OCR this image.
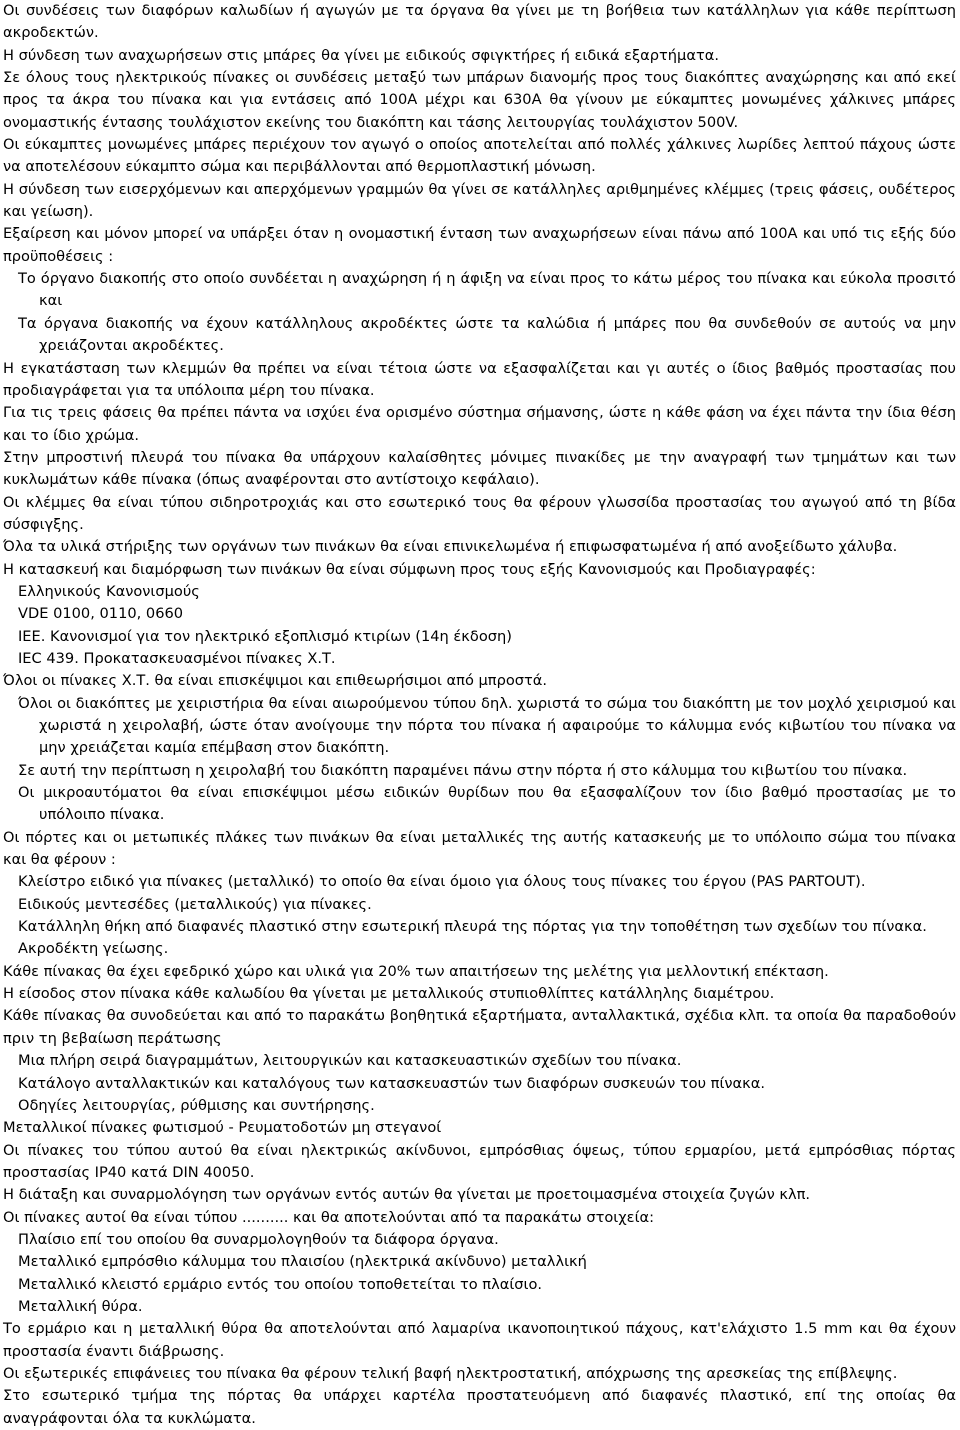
Οι συνδέσεις των διαφόρων καλωδίων ή αγωγών με τα όργανα θα γίνει με τη βοήθεια των κατάλληλων για κάθε περίπτωση ακροδεκτών.

Η σύνδεση των αναχωρήσεων στις μπάρες θα γίνει με ειδικούς σφιγκτήρες ή ειδικά εξαρτήματα.

Σε όλους τους ηλεκτρικούς πίνακες οι συνδέσεις μεταξύ των μπάρων διανομής προς τους διακόπτες αναχώρησης και από εκεί προς τα άκρα του πίνακα και για εντάσεις από 100Α μέχρι και 630Α θα γίνουν με εύκαμπτες μονωμένες χάλκινες μπάρες ονομαστικής έντασης τουλάχιστον εκείνης του διακόπτη και τάσης λειτουργίας τουλάχιστον 500V.

Οι εύκαμπτες μονωμένες μπάρες περιέχουν τον αγωγό ο οποίος αποτελείται από πολλές χάλκινες λωρίδες λεπτού πάχους ώστε να αποτελέσουν εύκαμπτο σώμα και περιβάλλονται από θερμοπλαστική μόνωση.

Η σύνδεση των εισερχόμενων και απερχόμενων γραμμών θα γίνει σε κατάλληλες αριθμημένες κλέμμες (τρεις φάσεις, ουδέτερος και γείωση).

Εξαίρεση και μόνον μπορεί να υπάρξει όταν η ονομαστική ένταση των αναχωρήσεων είναι πάνω από 100Α και υπό τις εξής δύο προϋποθέσεις :

Το όργανο διακοπής στο οποίο συνδέεται η αναχώρηση ή η άφιξη να είναι προς το κάτω μέρος του πίνακα και εύκολα προσιτό και

Τα όργανα διακοπής να έχουν κατάλληλους ακροδέκτες ώστε τα καλώδια ή μπάρες που θα συνδεθούν σε αυτούς να μην χρειάζονται ακροδέκτες.

Η εγκατάσταση των κλεμμών θα πρέπει να είναι τέτοια ώστε να εξασφαλίζεται και γι αυτές ο ίδιος βαθμός προστασίας που προδιαγράφεται για τα υπόλοιπα μέρη του πίνακα.

Για τις τρεις φάσεις θα πρέπει πάντα να ισχύει ένα ορισμένο σύστημα σήμανσης, ώστε η κάθε φάση να έχει πάντα την ίδια θέση και το ίδιο χρώμα.

Στην μπροστινή πλευρά του πίνακα θα υπάρχουν καλαίσθητες μόνιμες πινακίδες με την αναγραφή των τμημάτων και των κυκλωμάτων κάθε πίνακα (όπως αναφέρονται στο αντίστοιχο κεφάλαιο).

Οι κλέμμες θα είναι τύπου σιδηροτροχιάς και στο εσωτερικό τους θα φέρουν γλωσσίδα προστασίας του αγωγού από τη βίδα σύσφιγξης.

Όλα τα υλικά στήριξης των οργάνων των πινάκων θα είναι επινικελωμένα ή επιφωσφατωμένα ή από ανοξείδωτο χάλυβα.

Η κατασκευή και διαμόρφωση των πινάκων θα είναι σύμφωνη προς τους εξής Κανονισμούς και Προδιαγραφές:

Ελληνικούς Κανονισμούς

VDE 0100, 0110, 0660

ΙΕΕ. Κανονισμοί για τον ηλεκτρικό εξοπλισμό κτιρίων (14η έκδοση)

IEC 439. Προκατασκευασμένοι πίνακες Χ.Τ.

Όλοι οι πίνακες Χ.Τ. θα είναι επισκέψιμοι και επιθεωρήσιμοι από μπροστά.

Όλοι οι διακόπτες με χειριστήρια θα είναι αιωρούμενου τύπου δηλ. χωριστά το σώμα του διακόπτη με τον μοχλό χειρισμού και χωριστά η χειρολαβή, ώστε όταν ανοίγουμε την πόρτα του πίνακα ή αφαιρούμε το κάλυμμα ενός κιβωτίου του πίνακα να μην χρειάζεται καμία επέμβαση στον διακόπτη.

Σε αυτή την περίπτωση η χειρολαβή του διακόπτη παραμένει πάνω στην πόρτα ή στο κάλυμμα του κιβωτίου του πίνακα.

Οι μικροαυτόματοι θα είναι επισκέψιμοι μέσω ειδικών θυρίδων που θα εξασφαλίζουν τον ίδιο βαθμό προστασίας με το υπόλοιπο πίνακα.

Οι πόρτες και οι μετωπικές πλάκες των πινάκων θα είναι μεταλλικές της αυτής κατασκευής με το υπόλοιπο σώμα του πίνακα και θα φέρουν :

Κλείστρο ειδικό για πίνακες (μεταλλικό) το οποίο θα είναι όμοιο για όλους τους πίνακες του έργου (PAS PARTOUT).

Ειδικούς μεντεσέδες (μεταλλικούς) για πίνακες.

Κατάλληλη θήκη από διαφανές πλαστικό στην εσωτερική πλευρά της πόρτας για την τοποθέτηση των σχεδίων του πίνακα.

Ακροδέκτη γείωσης.

Κάθε πίνακας θα έχει εφεδρικό χώρο και υλικά για 20% των απαιτήσεων της μελέτης για μελλοντική επέκταση.

Η είσοδος στον πίνακα κάθε καλωδίου θα γίνεται με μεταλλικούς στυπιοθλίπτες κατάλληλης διαμέτρου.

Κάθε πίνακας θα συνοδεύεται και από το παρακάτω βοηθητικά εξαρτήματα, ανταλλακτικά, σχέδια κλπ. τα οποία θα παραδοθούν πριν τη βεβαίωση περάτωσης

Μια πλήρη σειρά διαγραμμάτων, λειτουργικών και κατασκευαστικών σχεδίων του πίνακα.

Κατάλογο ανταλλακτικών και καταλόγους των κατασκευαστών των διαφόρων συσκευών του πίνακα.

Οδηγίες λειτουργίας, ρύθμισης και συντήρησης.

Μεταλλικοί πίνακες φωτισμού - Ρευματοδοτών μη στεγανοί

Οι πίνακες του τύπου αυτού θα είναι ηλεκτρικώς ακίνδυνοι, εμπρόσθιας όψεως, τύπου ερμαρίου, μετά εμπρόσθιας πόρτας προστασίας IP40 κατά DIN 40050.

Η διάταξη και συναρμολόγηση των οργάνων εντός αυτών θα γίνεται με προετοιμασμένα στοιχεία ζυγών κλπ.

Οι πίνακες αυτοί θα είναι τύπου .......... και θα αποτελούνται από τα παρακάτω στοιχεία:

Πλαίσιο επί του οποίου θα συναρμολογηθούν τα διάφορα όργανα.

Μεταλλικό εμπρόσθιο κάλυμμα του πλαισίου (ηλεκτρικά ακίνδυνο) μεταλλική

Μεταλλικό κλειστό ερμάριο εντός του οποίου τοποθετείται το πλαίσιο.

Μεταλλική θύρα.

Το ερμάριο και η μεταλλική θύρα θα αποτελούνται από λαμαρίνα ικανοποιητικού πάχους, κατ'ελάχιστο 1.5 mm και θα έχουν προστασία έναντι διάβρωσης.

Οι εξωτερικές επιφάνειες του πίνακα θα φέρουν τελική βαφή ηλεκτροστατική, απόχρωσης της αρεσκείας της επίβλεψης.

Στο εσωτερικό τμήμα της πόρτας θα υπάρχει καρτέλα προστατευόμενη από διαφανές πλαστικό, επί της οποίας θα αναγράφονται όλα τα κυκλώματα.
